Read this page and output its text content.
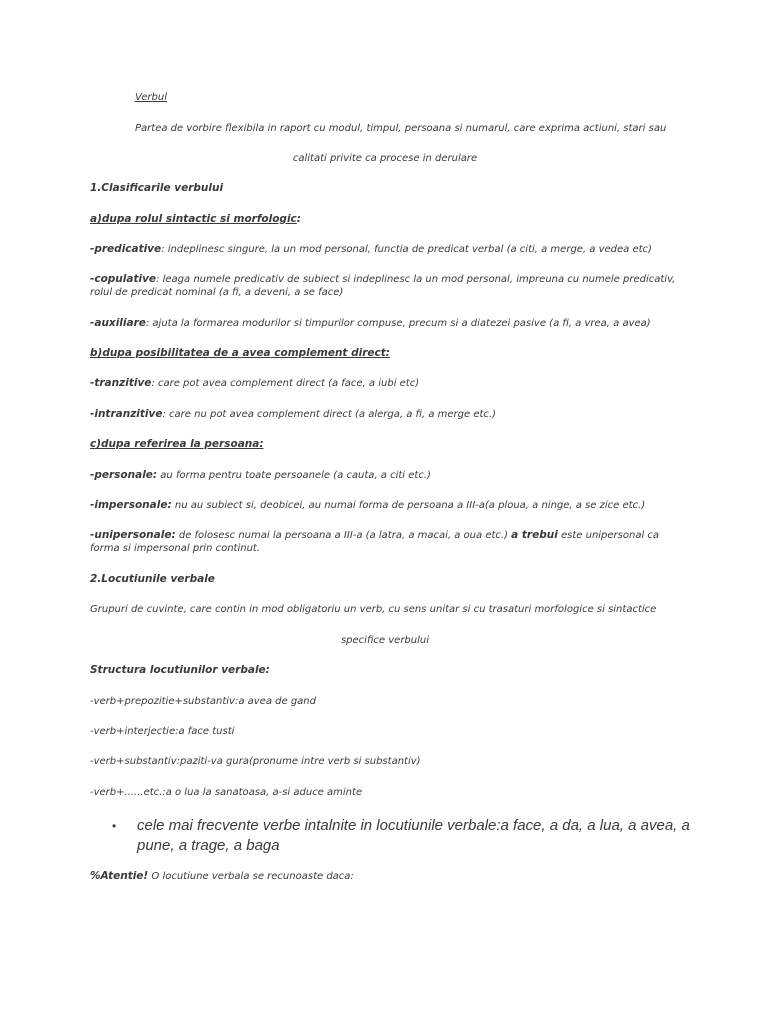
Verbul
Partea de vorbire flexibila in raport cu modul, timpul, persoana si numarul, care exprima actiuni, stari sau
calitati privite ca procese in derulare
1.Clasificarile verbului
a)dupa rolul sintactic si morfologic:
-predicative: indeplinesc singure, la un mod personal, functia de predicat verbal (a citi, a merge, a vedea etc)
-copulative: leaga numele predicativ de subiect si indeplinesc la un mod personal, impreuna cu numele predicativ, rolul de predicat nominal (a fi, a deveni, a se face)
-auxiliare: ajuta la formarea modurilor si timpurilor compuse, precum si a diatezei pasive (a fi, a vrea, a avea)
b)dupa posibilitatea de a avea complement direct:
-tranzitive: care pot avea complement direct (a face, a iubi etc)
-intranzitive: care nu pot avea complement direct (a alerga, a fi, a merge etc.)
c)dupa referirea la persoana:
-personale: au forma pentru toate persoanele (a cauta, a citi etc.)
-impersonale: nu au subiect si, deobicei, au numai forma de persoana a III-a(a ploua, a ninge, a se zice etc.)
-unipersonale: de folosesc numai la persoana a III-a (a latra, a macai, a oua etc.) a trebui este unipersonal ca forma si impersonal prin continut.
2.Locutiunile verbale
Grupuri de cuvinte, care contin in mod obligatoriu un verb, cu sens unitar si cu trasaturi morfologice si sintactice
specifice verbului
Structura locutiunilor verbale:
-verb+prepozitie+substantiv:a avea de gand
-verb+interjectie:a face tusti
-verb+substantiv:paziti-va gura(pronume intre verb si substantiv)
-verb+......etc.:a o lua la sanatoasa, a-si aduce aminte
• cele mai frecvente verbe intalnite in locutiunile verbale:a face, a da, a lua, a avea, a pune, a trage, a baga
%Atentie! O locutiune verbala se recunoaste daca:
